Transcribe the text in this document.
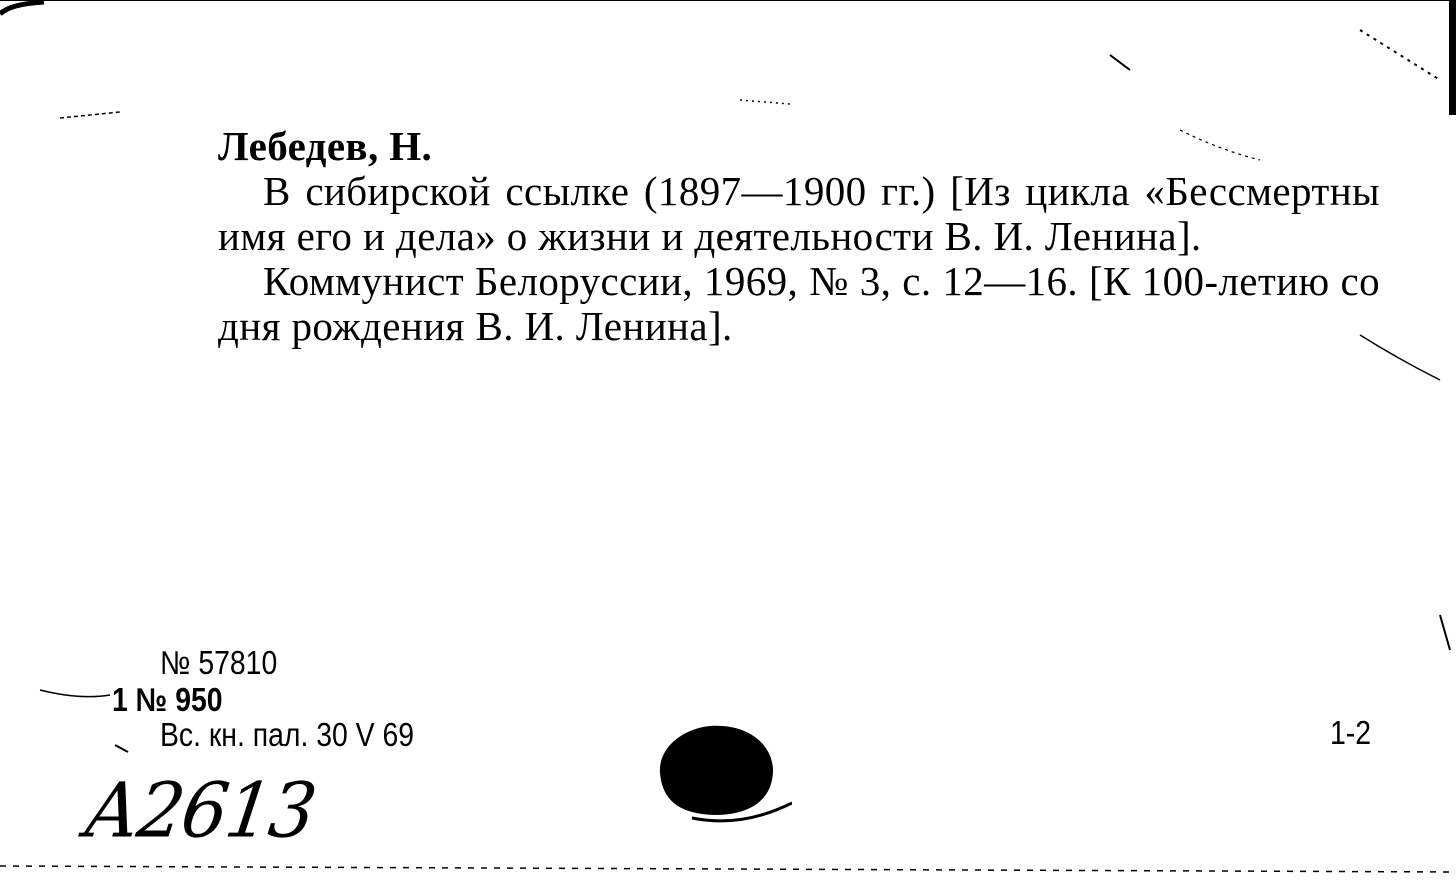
Лебедев, Н.

В сибирской ссылке (1897—1900 гг.) [Из цикла «Бессмертны имя его и дела» о жизни и деятельности В. И. Ленина].

Коммунист Белоруссии, 1969, № 3, с. 12—16. [К 100-летию со дня рождения В. И. Ленина].

№ 57810
1 № 950
Вс. кн. пал. 30 V 69	1-2
А2613
